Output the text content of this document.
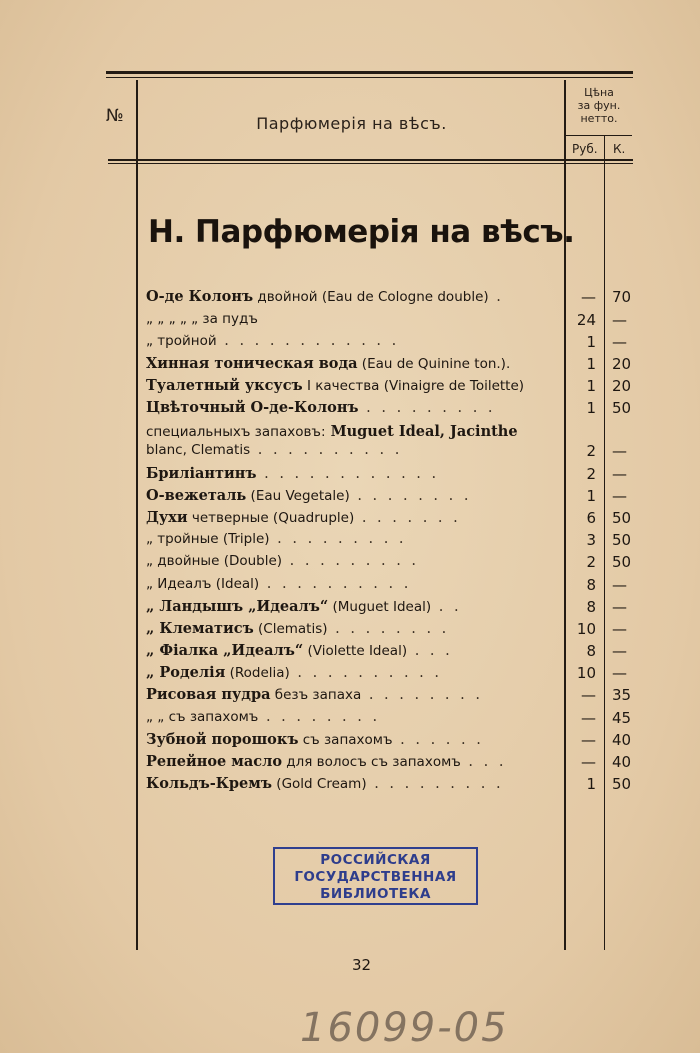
№	Парфюмерія на вѣсъ.
Цѣна
за фун.
нетто.
Руб. К.
Н. Парфюмерія на вѣсъ.
О-де Колонъ двойной (Eau de Cologne double) .	—	70
„ „ „ „ „ за пудъ	24	—
„ тройной . . . . . . . . . . . .	1	—
Хинная тоническая вода (Eau de Quinine ton.).	1	20
Туалетный уксусъ I качества (Vinaigre de Toilette)	1	20
Цвѣточный О-де-Колонъ . . . . . . . . .	1	50
специальныхъ запаховъ: Muguet Ideal, Jacinthe
blanc, Clematis . . . . . . . . . .	2	—
Бриліантинъ . . . . . . . . . . . .	2	—
О-вежеталь (Eau Vegetale) . . . . . . . .	1	—
Духи четверные (Quadruple) . . . . . . .	6	50
„ тройные (Triple) . . . . . . . . .	3	50
„ двойные (Double) . . . . . . . . .	2	50
„ Идеалъ (Ideal) . . . . . . . . . .	8	—
„ Ландышъ „Идеалъ“ (Muguet Ideal) . .	8	—
„ Клематисъ (Clematis) . . . . . . . .	10	—
„ Фіалка „Идеалъ“ (Violette Ideal) . . .	8	—
„ Роделія (Rodelia) . . . . . . . . . .	10	—
Рисовая пудра безъ запаха . . . . . . . .	—	35
„ „ съ запахомъ . . . . . . . .	—	45
Зубной порошокъ съ запахомъ . . . . . .	—	40
Репейное масло для волосъ съ запахомъ . . .	—	40
Кольдъ-Кремъ (Gold Cream) . . . . . . . . .	1	50
РОССИЙСКАЯ
ГОСУДАРСТВЕННАЯ
БИБЛИОТЕКА
32
16099-05
